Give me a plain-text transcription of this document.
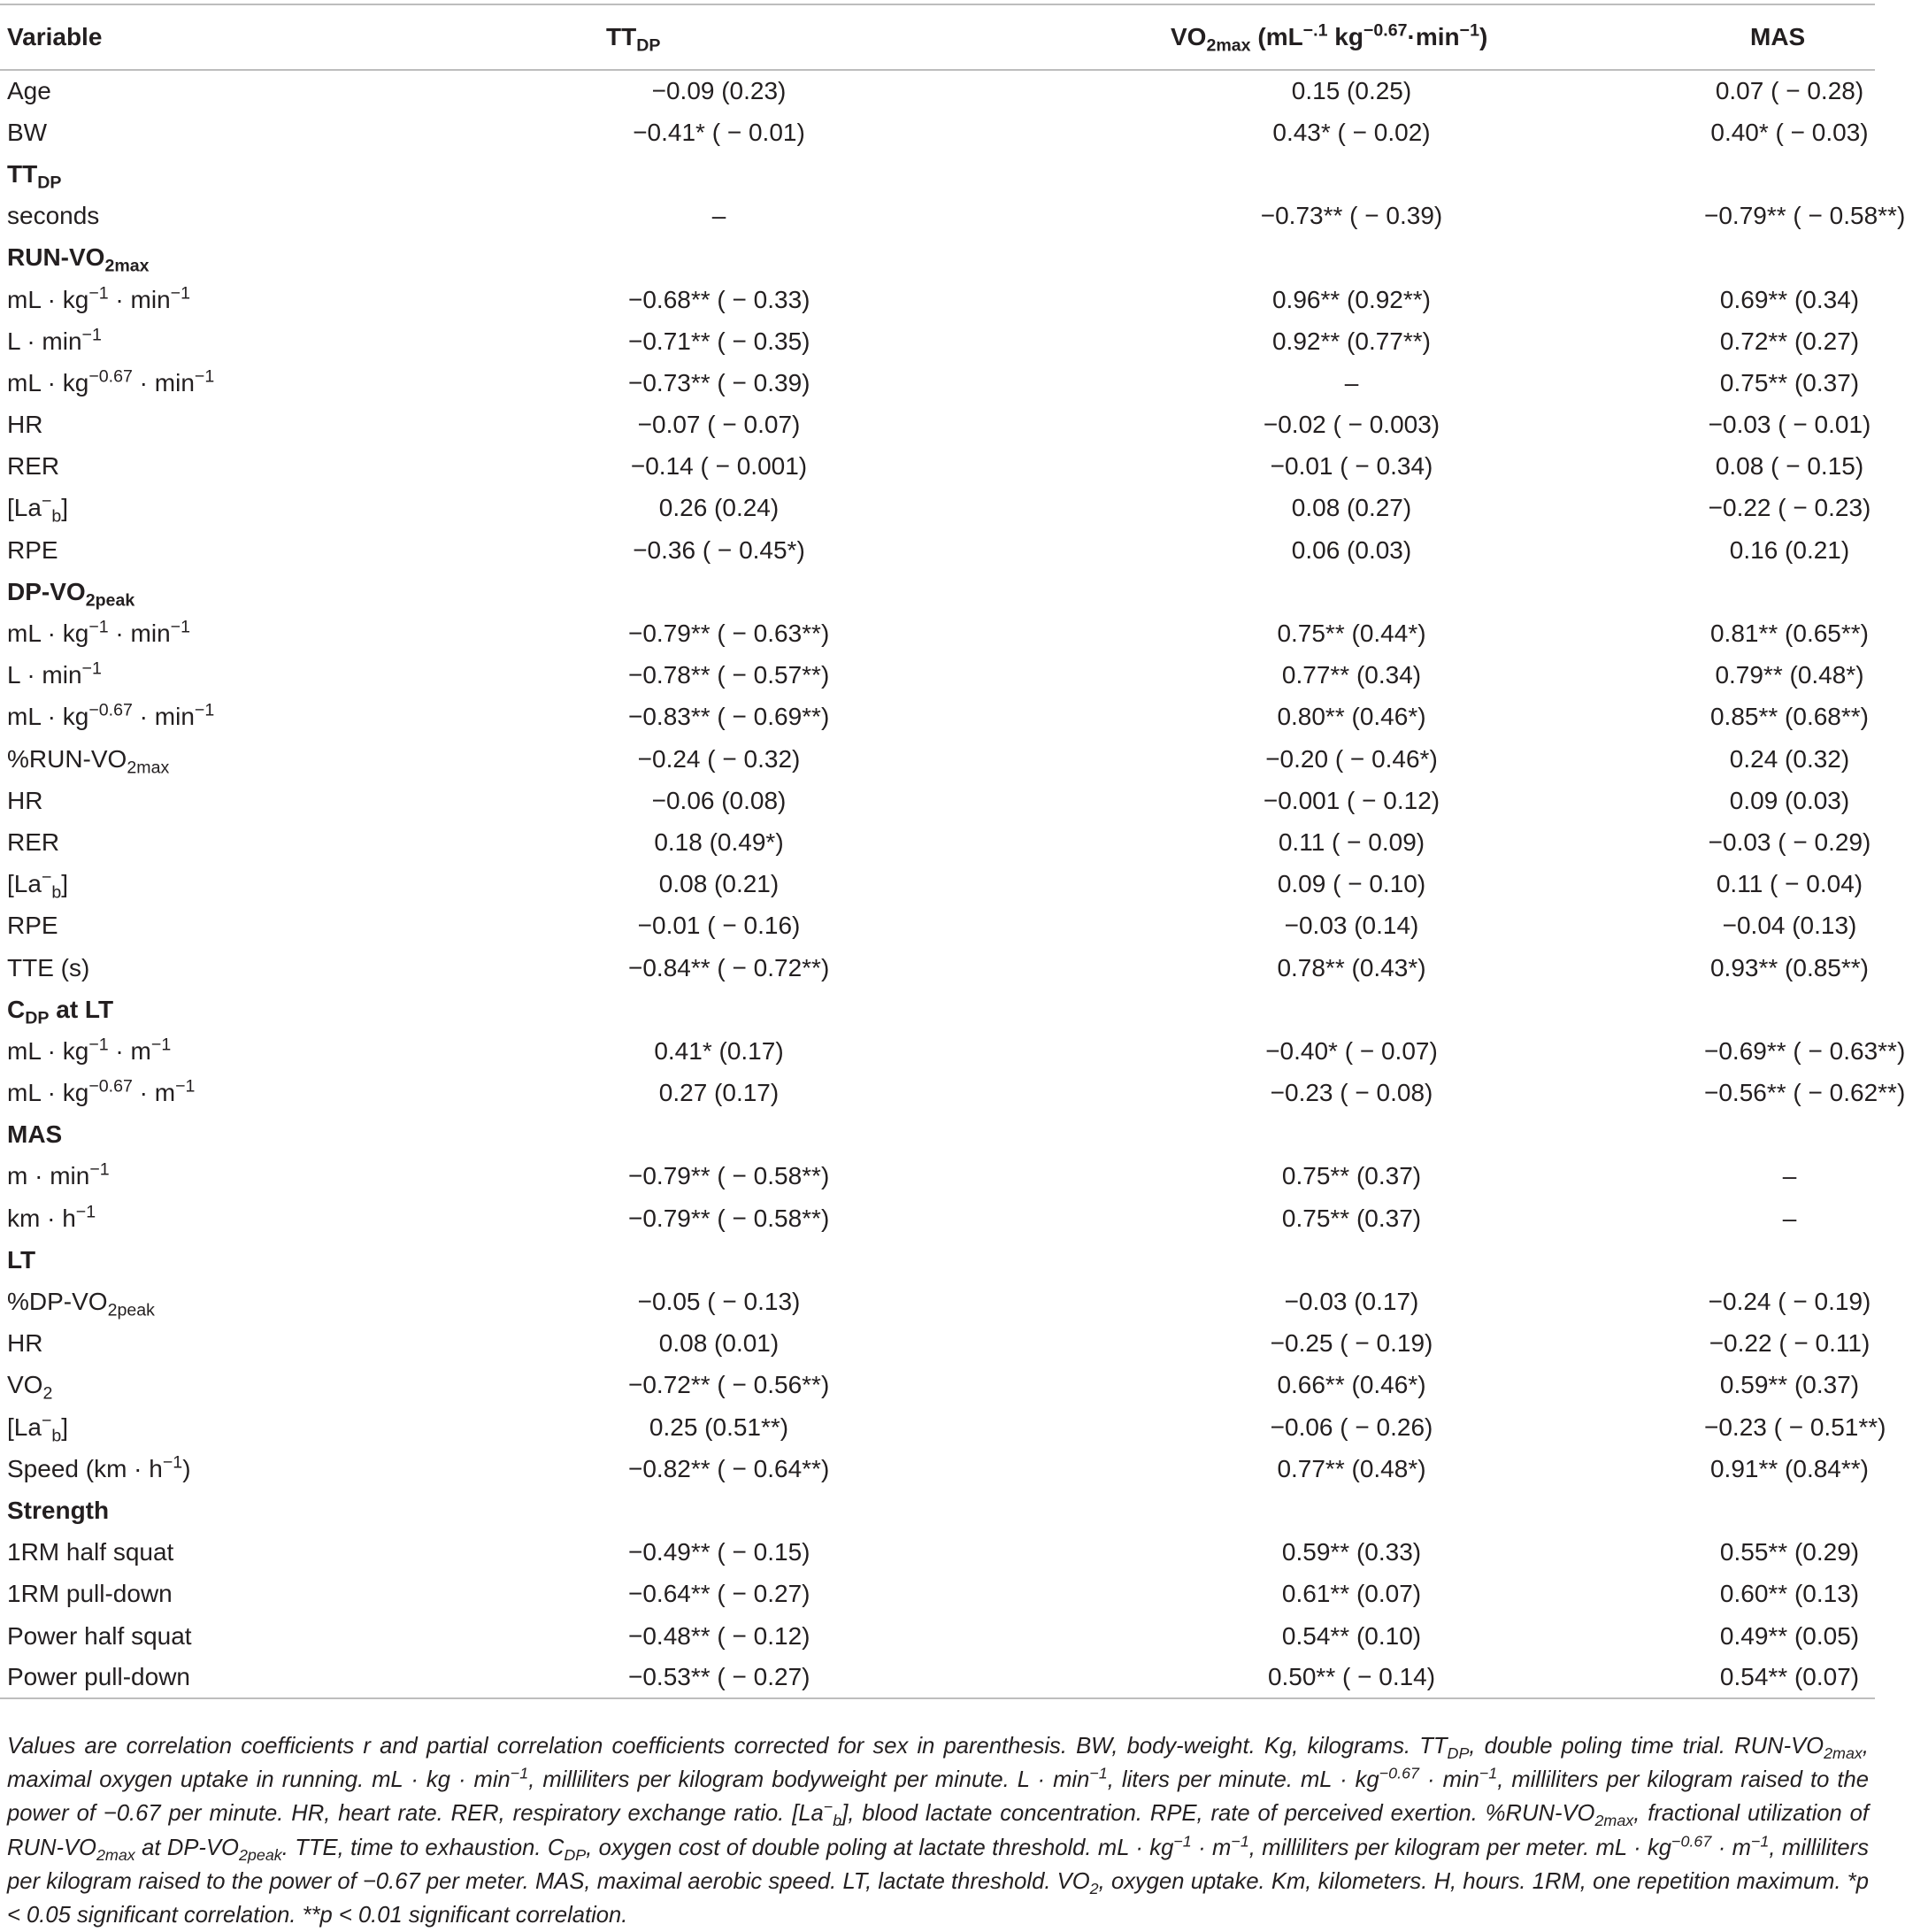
Variable	$TT_{DP}$	$VO_{2max}$ ($mL^{-.1}$ $kg^{-0.67}\cdot\min^{-1}$)	MAS
Age	−0.09 (0.23)	0.15 (0.25)	0.07 ( − 0.28)
BW	−0.41* ( − 0.01)	0.43* ( − 0.02)	0.40* ( − 0.03)
$TT_{DP}$			
seconds	–	−0.73** ( − 0.39)	−0.79** ( − 0.58**)
RUN-$VO_{2max}$			
mL · $kg^{-1} \cdot \min^{-1}$	−0.68** ( − 0.33)	0.96** (0.92**)	0.69** (0.34)
$L \cdot \min^{-1}$	−0.71** ( − 0.35)	0.92** (0.77**)	0.72** (0.27)
mL · $kg^{-0.67} \cdot \min^{-1}$	−0.73** ( − 0.39)	–	0.75** (0.37)
HR	−0.07 ( − 0.07)	−0.02 ( − 0.003)	−0.03 ( − 0.01)
RER	−0.14 ( − 0.001)	−0.01 ( − 0.34)	0.08 ( − 0.15)
$[La^-_b]$	0.26 (0.24)	0.08 (0.27)	−0.22 ( − 0.23)
RPE	−0.36 ( − 0.45*)	0.06 (0.03)	0.16 (0.21)
$DP-VO_{2peak}$			
mL · $kg^{-1} \cdot \min^{-1}$	−0.79** ( − 0.63**)	0.75** (0.44*)	0.81** (0.65**)
$L \cdot \min^{-1}$	−0.78** ( − 0.57**)	0.77** (0.34)	0.79** (0.48*)
mL · $kg^{-0.67} \cdot \min^{-1}$	−0.83** ( − 0.69**)	0.80** (0.46*)	0.85** (0.68**)
$\%RUN-VO_{2max}$	−0.24 ( − 0.32)	−0.20 ( − 0.46*)	0.24 (0.32)
HR	−0.06 (0.08)	−0.001 ( − 0.12)	0.09 (0.03)
RER	0.18 (0.49*)	0.11 ( − 0.09)	−0.03 ( − 0.29)
$[La^-_b]$	0.08 (0.21)	0.09 ( − 0.10)	0.11 ( − 0.04)
RPE	−0.01 ( − 0.16)	−0.03 (0.14)	−0.04 (0.13)
TTE (s)	−0.84** ( − 0.72**)	0.78** (0.43*)	0.93** (0.85**)
$C_{DP}$ at LT			
mL · $kg^{-1} \cdot m^{-1}$	0.41* (0.17)	−0.40* ( − 0.07)	−0.69** ( − 0.63**)
mL · $kg^{-0.67} \cdot m^{-1}$	0.27 (0.17)	−0.23 ( − 0.08)	−0.56** ( − 0.62**)
MAS			
$m \cdot \min^{-1}$	−0.79** ( − 0.58**)	0.75** (0.37)	–
km · $h^{-1}$	−0.79** ( − 0.58**)	0.75** (0.37)	–
LT			
$\%DP-VO_{2peak}$	−0.05 ( − 0.13)	−0.03 (0.17)	−0.24 ( − 0.19)
HR	0.08 (0.01)	−0.25 ( − 0.19)	−0.22 ( − 0.11)
$VO_2$	−0.72** ( − 0.56**)	0.66** (0.46*)	0.59** (0.37)
$[La^-_b]$	0.25 (0.51**)	−0.06 ( − 0.26)	−0.23 ( − 0.51**)
Speed $(km \cdot h^{-1})$	−0.82** ( − 0.64**)	0.77** (0.48*)	0.91** (0.84**)
Strength			
1RM half squat	−0.49** ( − 0.15)	0.59** (0.33)	0.55** (0.29)
1RM pull-down	−0.64** ( − 0.27)	0.61** (0.07)	0.60** (0.13)
Power half squat	−0.48** ( − 0.12)	0.54** (0.10)	0.49** (0.05)
Power pull-down	−0.53** ( − 0.27)	0.50** ( − 0.14)	0.54** (0.07)
Values are correlation coefficients r and partial correlation coefficients corrected for sex in parenthesis. BW, body-weight. Kg, kilograms. $TT_{DP}$, double poling time trial. RUN-$VO_{2max}$, maximal oxygen uptake in running. mL · kg · $\min^{-1}$, milliliters per kilogram bodyweight per minute. $L \cdot \min^{-1}$, liters per minute. mL · $kg^{-0.67} \cdot \min^{-1}$, milliliters per kilogram raised to the power of −0.67 per minute. HR, heart rate. RER, respiratory exchange ratio. $[La^-_b]$, blood lactate concentration. RPE, rate of perceived exertion. $\%RUN-VO_{2max}$, fractional utilization of RUN-$VO_{2max}$ at $DP-VO_{2peak}$. TTE, time to exhaustion. $C_{DP}$, oxygen cost of double poling at lactate threshold. mL · $kg^{-1} \cdot m^{-1}$, milliliters per kilogram per meter. mL · $kg^{-0.67} \cdot m^{-1}$, milliliters per kilogram raised to the power of −0.67 per meter. MAS, maximal aerobic speed. LT, lactate threshold. $VO_2$, oxygen uptake. Km, kilometers. H, hours. 1RM, one repetition maximum. *p < 0.05 significant correlation. **p < 0.01 significant correlation.
